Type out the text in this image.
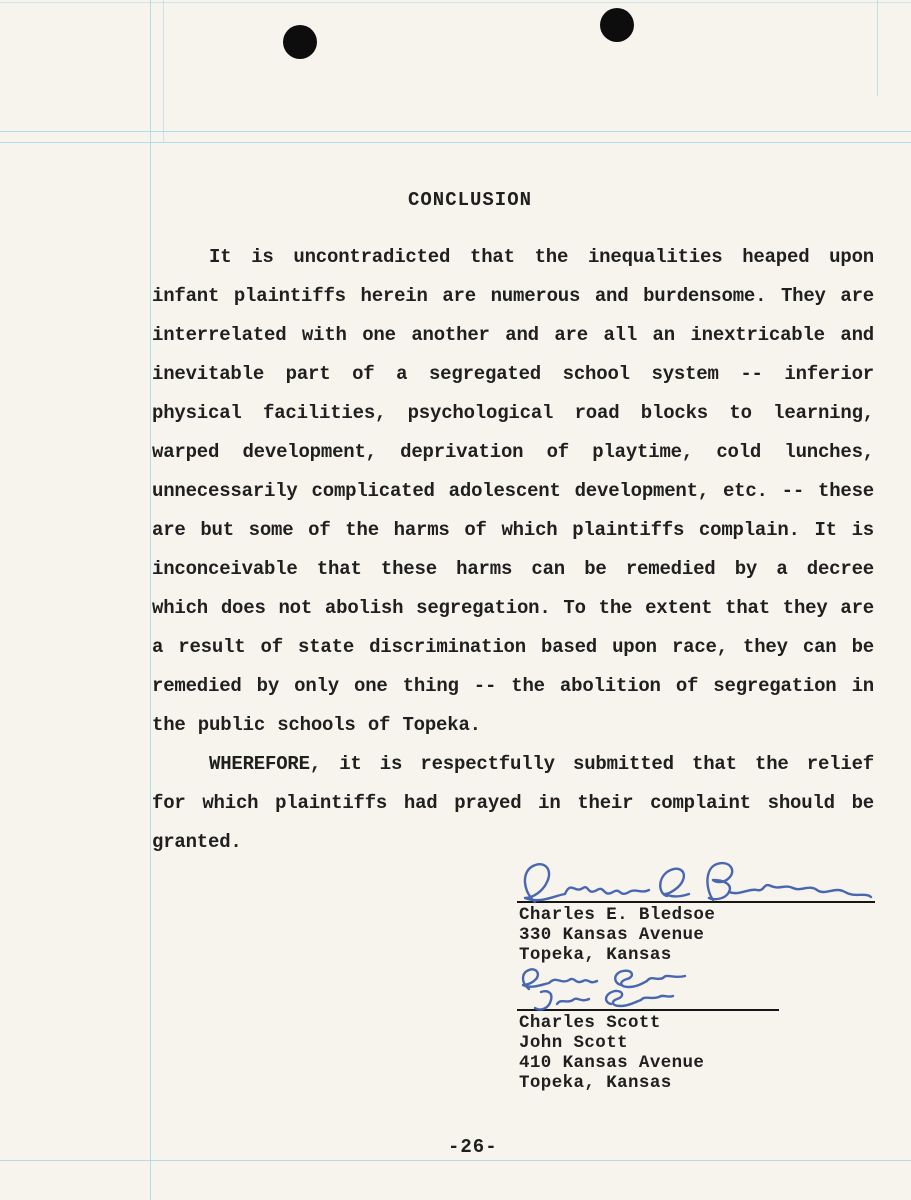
CONCLUSION

It is uncontradicted that the inequalities heaped upon infant plaintiffs herein are numerous and burdensome. They are interrelated with one another and are all an inextricable and inevitable part of a segregated school system -- inferior physical facilities, psychological road blocks to learning, warped development, deprivation of playtime, cold lunches, unnecessarily complicated adolescent development, etc. -- these are but some of the harms of which plaintiffs complain. It is inconceivable that these harms can be remedied by a decree which does not abolish segregation. To the extent that they are a result of state discrimination based upon race, they can be remedied by only one thing -- the abolition of segregation in the public schools of Topeka.

WHEREFORE, it is respectfully submitted that the relief for which plaintiffs had prayed in their complaint should be granted.

Charles E. Bledsoe

330 Kansas Avenue

Topeka, Kansas

Charles Scott

John Scott

410 Kansas Avenue

Topeka, Kansas

-26-
